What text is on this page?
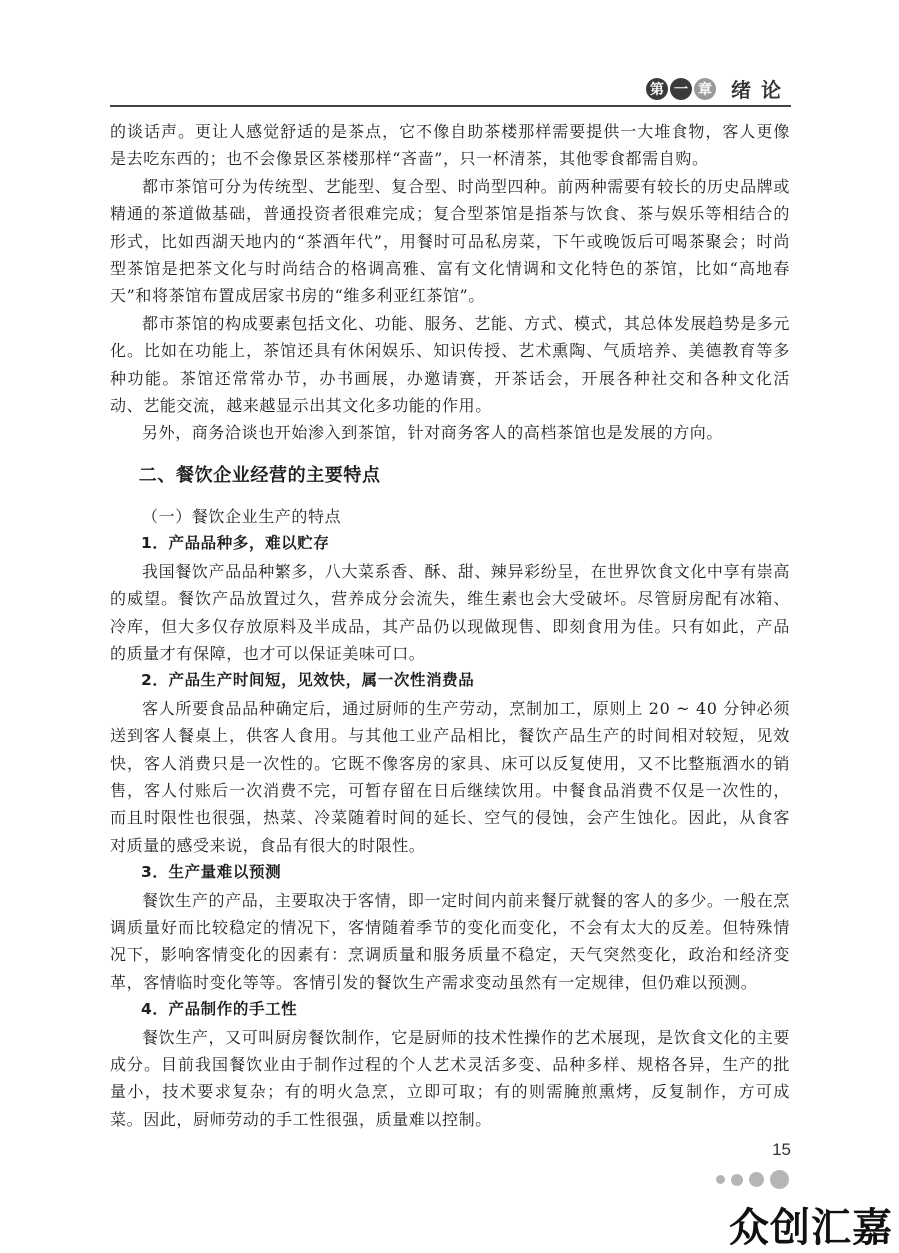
第 一 章 绪论

的谈话声。更让人感觉舒适的是茶点，它不像自助茶楼那样需要提供一大堆食物，客人更像是去吃东西的；也不会像景区茶楼那样“吝啬”，只一杯清茶，其他零食都需自购。

都市茶馆可分为传统型、艺能型、复合型、时尚型四种。前两种需要有较长的历史品牌或精通的茶道做基础，普通投资者很难完成；复合型茶馆是指茶与饮食、茶与娱乐等相结合的形式，比如西湖天地内的“茶酒年代”，用餐时可品私房菜，下午或晚饭后可喝茶聚会；时尚型茶馆是把茶文化与时尚结合的格调高雅、富有文化情调和文化特色的茶馆，比如“高地春天”和将茶馆布置成居家书房的“维多利亚红茶馆”。

都市茶馆的构成要素包括文化、功能、服务、艺能、方式、模式，其总体发展趋势是多元化。比如在功能上，茶馆还具有休闲娱乐、知识传授、艺术熏陶、气质培养、美德教育等多种功能。茶馆还常常办节，办书画展，办邀请赛，开茶话会，开展各种社交和各种文化活动、艺能交流，越来越显示出其文化多功能的作用。

另外，商务洽谈也开始渗入到茶馆，针对商务客人的高档茶馆也是发展的方向。

二、餐饮企业经营的主要特点

（一）餐饮企业生产的特点

1．产品品种多，难以贮存

我国餐饮产品品种繁多，八大菜系香、酥、甜、辣异彩纷呈，在世界饮食文化中享有崇高的威望。餐饮产品放置过久，营养成分会流失，维生素也会大受破坏。尽管厨房配有冰箱、冷库，但大多仅存放原料及半成品，其产品仍以现做现售、即刻食用为佳。只有如此，产品的质量才有保障，也才可以保证美味可口。

2．产品生产时间短，见效快，属一次性消费品

客人所要食品品种确定后，通过厨师的生产劳动，烹制加工，原则上 20 ~ 40 分钟必须送到客人餐桌上，供客人食用。与其他工业产品相比，餐饮产品生产的时间相对较短，见效快，客人消费只是一次性的。它既不像客房的家具、床可以反复使用，又不比整瓶酒水的销售，客人付账后一次消费不完，可暂存留在日后继续饮用。中餐食品消费不仅是一次性的，而且时限性也很强，热菜、冷菜随着时间的延长、空气的侵蚀，会产生蚀化。因此，从食客对质量的感受来说，食品有很大的时限性。

3．生产量难以预测

餐饮生产的产品，主要取决于客情，即一定时间内前来餐厅就餐的客人的多少。一般在烹调质量好而比较稳定的情况下，客情随着季节的变化而变化，不会有太大的反差。但特殊情况下，影响客情变化的因素有：烹调质量和服务质量不稳定，天气突然变化，政治和经济变革，客情临时变化等等。客情引发的餐饮生产需求变动虽然有一定规律，但仍难以预测。

4．产品制作的手工性

餐饮生产，又可叫厨房餐饮制作，它是厨师的技术性操作的艺术展现，是饮食文化的主要成分。目前我国餐饮业由于制作过程的个人艺术灵活多变、品种多样、规格各异，生产的批量小，技术要求复杂；有的明火急烹，立即可取；有的则需腌煎熏烤，反复制作，方可成菜。因此，厨师劳动的手工性很强，质量难以控制。

15
众创汇嘉
